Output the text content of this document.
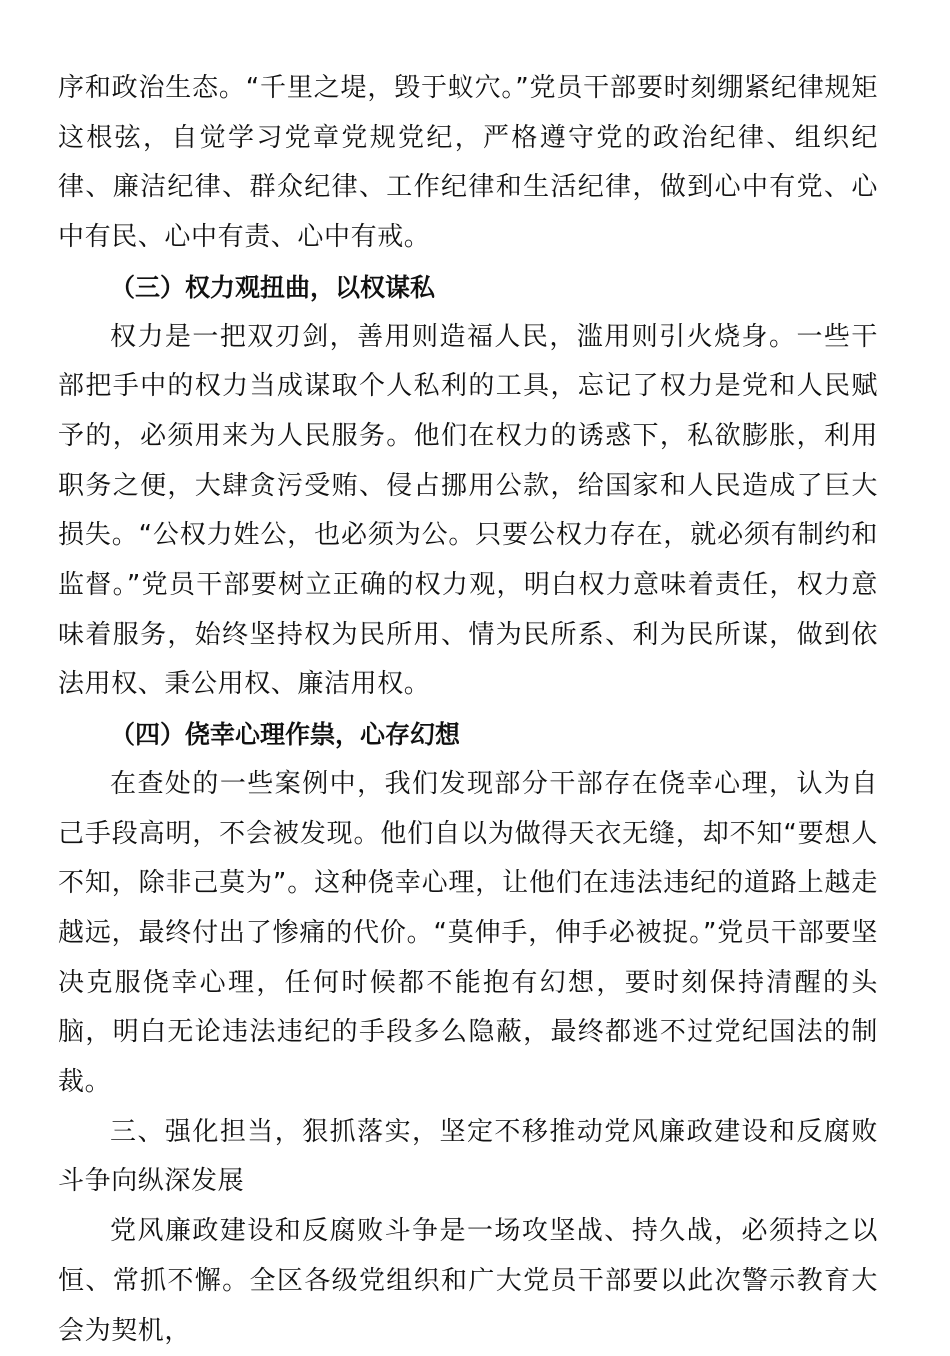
序和政治生态。“千里之堤，毁于蚁穴。”党员干部要时刻绷紧纪律规矩这根弦，自觉学习党章党规党纪，严格遵守党的政治纪律、组织纪律、廉洁纪律、群众纪律、工作纪律和生活纪律，做到心中有党、心中有民、心中有责、心中有戒。

（三）权力观扭曲，以权谋私

权力是一把双刃剑，善用则造福人民，滥用则引火烧身。一些干部把手中的权力当成谋取个人私利的工具，忘记了权力是党和人民赋予的，必须用来为人民服务。他们在权力的诱惑下，私欲膨胀，利用职务之便，大肆贪污受贿、侵占挪用公款，给国家和人民造成了巨大损失。“公权力姓公，也必须为公。只要公权力存在，就必须有制约和监督。”党员干部要树立正确的权力观，明白权力意味着责任，权力意味着服务，始终坚持权为民所用、情为民所系、利为民所谋，做到依法用权、秉公用权、廉洁用权。

（四）侥幸心理作祟，心存幻想

在查处的一些案例中，我们发现部分干部存在侥幸心理，认为自己手段高明，不会被发现。他们自以为做得天衣无缝，却不知“要想人不知，除非己莫为”。这种侥幸心理，让他们在违法违纪的道路上越走越远，最终付出了惨痛的代价。“莫伸手，伸手必被捉。”党员干部要坚决克服侥幸心理，任何时候都不能抱有幻想，要时刻保持清醒的头脑，明白无论违法违纪的手段多么隐蔽，最终都逃不过党纪国法的制裁。

三、强化担当，狠抓落实，坚定不移推动党风廉政建设和反腐败斗争向纵深发展

党风廉政建设和反腐败斗争是一场攻坚战、持久战，必须持之以恒、常抓不懈。全区各级党组织和广大党员干部要以此次警示教育大会为契机，
